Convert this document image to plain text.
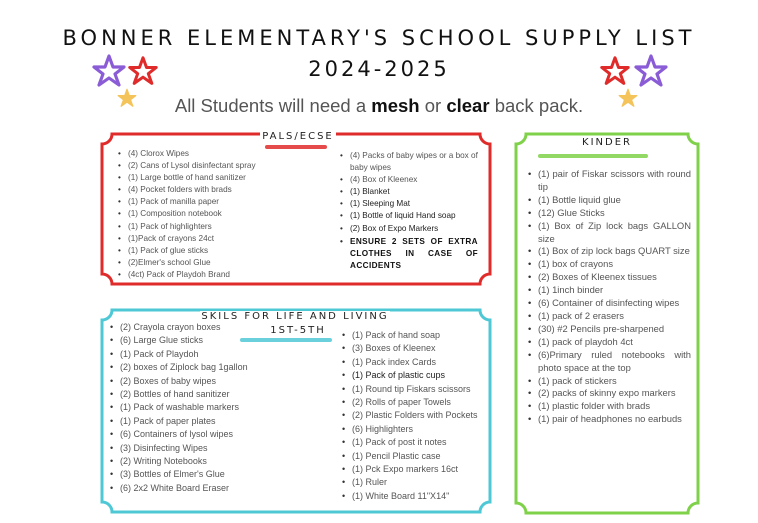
BONNER ELEMENTARY'S SCHOOL SUPPLY LIST
2024-2025
All Students will need a mesh or clear back pack.
PALS/ECSE
• (4) Clorox Wipes
• (2) Cans of Lysol disinfectant spray
• (1) Large bottle of hand sanitizer
• (4) Pocket folders with brads
• (1) Pack of manilla paper
• (1) Composition notebook
• (1) Pack of highlighters
• (1)Pack of crayons 24ct
• (1) Pack of glue sticks
• (2)Elmer's school Glue
• (4ct) Pack of Playdoh Brand
• (4) Packs of baby wipes or a box of baby wipes
• (4) Box of Kleenex
• (1) Blanket
• (1) Sleeping Mat
• (1) Bottle of liquid Hand soap
• (2) Box of Expo Markers
• ENSURE 2 SETS OF EXTRA CLOTHES IN CASE OF ACCIDENTS
SKILS FOR LIFE AND LIVING
1ST-5TH
• (2) Crayola crayon boxes
• (6) Large Glue sticks
• (1) Pack of Playdoh
• (2) boxes of Ziplock bag 1gallon
• (2) Boxes of baby wipes
• (2) Bottles of hand sanitizer
• (1) Pack of washable markers
• (1) Pack of paper plates
• (6) Containers of lysol wipes
• (3) Disinfecting Wipes
• (2) Writing Notebooks
• (3) Bottles of Elmer's Glue
• (6) 2x2 White Board Eraser
• (1) Pack of hand soap
• (3) Boxes of Kleenex
• (1) Pack index Cards
• (1) Pack of plastic cups
• (1) Round tip Fiskars scissors
• (2) Rolls of paper Towels
• (2) Plastic Folders with Pockets
• (6) Highlighters
• (1) Pack of post it notes
• (1) Pencil Plastic case
• (1) Pck Expo markers 16ct
• (1) Ruler
• (1) White Board 11"X14"
KINDER
• (1) pair of Fiskar scissors with round tip
• (1) Bottle liquid glue
• (12) Glue Sticks
• (1) Box of Zip lock bags GALLON size
• (1) Box of zip lock bags QUART size
• (1) box of crayons
• (2) Boxes of Kleenex tissues
• (1) 1inch binder
• (6) Container of disinfecting wipes
• (1) pack of 2 erasers
• (30) #2 Pencils pre-sharpened
• (1) pack of playdoh 4ct
• (6)Primary ruled notebooks with photo space at the top
• (1) pack of stickers
• (2) packs of skinny expo markers
• (1) plastic folder with brads
• (1) pair of headphones no earbuds
